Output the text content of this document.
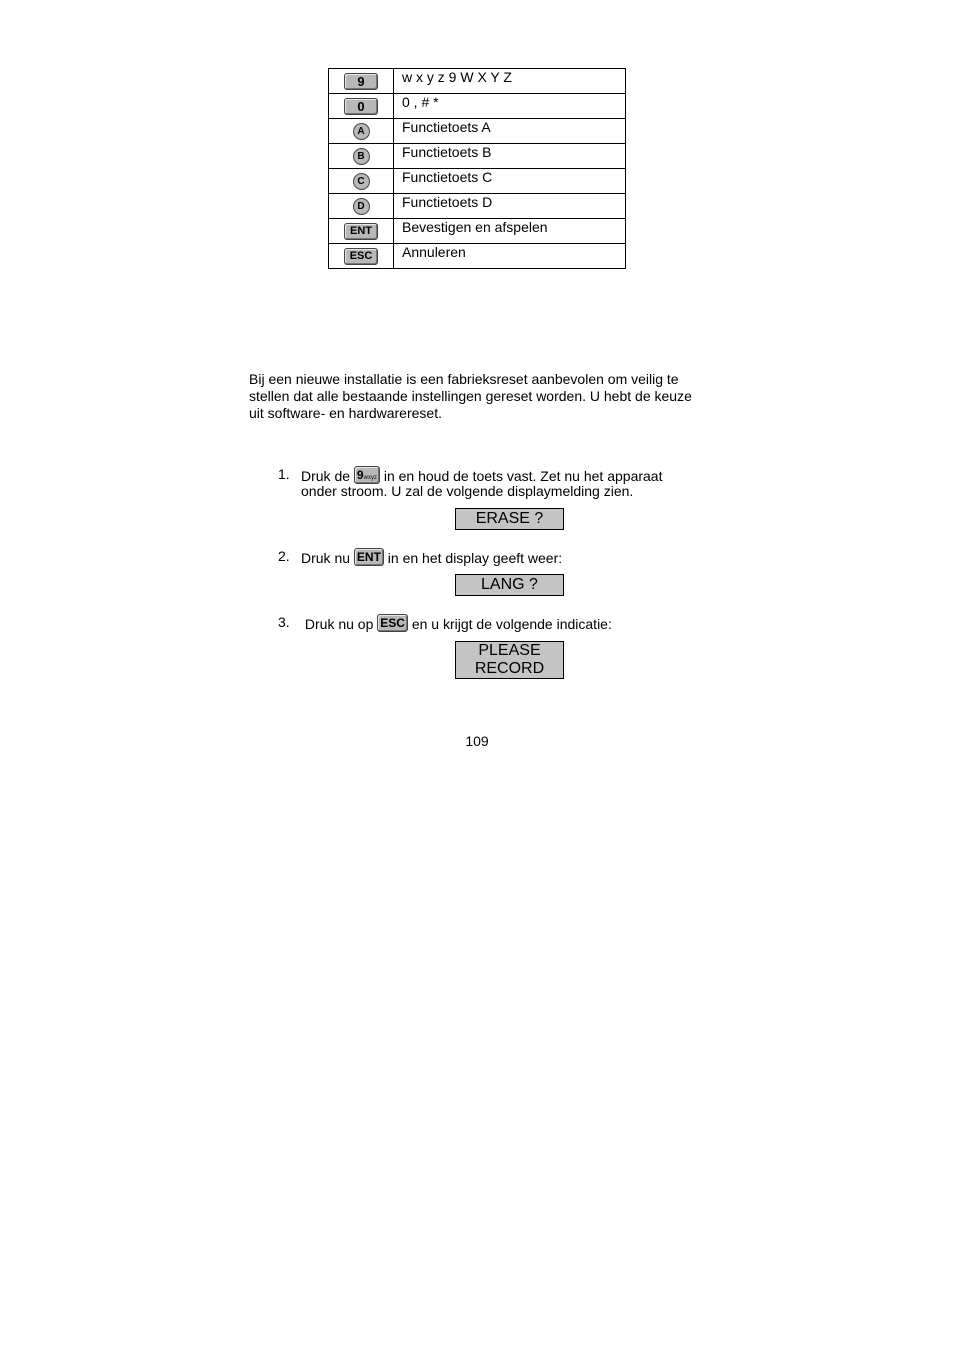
9	w x y z 9 W X Y Z
0	0 , # *
A	Functietoets A
B	Functietoets B
C	Functietoets C
D	Functietoets D
ENT	Bevestigen en afspelen
ESC	Annuleren

Bij een nieuwe installatie is een fabrieksreset aanbevolen om veilig te stellen dat alle bestaande instellingen gereset worden. U hebt de keuze uit software- en hardwarereset.

1. Druk de 9wxyz in en houd de toets vast. Zet nu het apparaat
onder stroom. U zal de volgende displaymelding zien.
ERASE ?
2. Druk nu ENT in en het display geeft weer:
LANG ?
3. Druk nu op ESC en u krijgt de volgende indicatie:
PLEASE
RECORD
109
